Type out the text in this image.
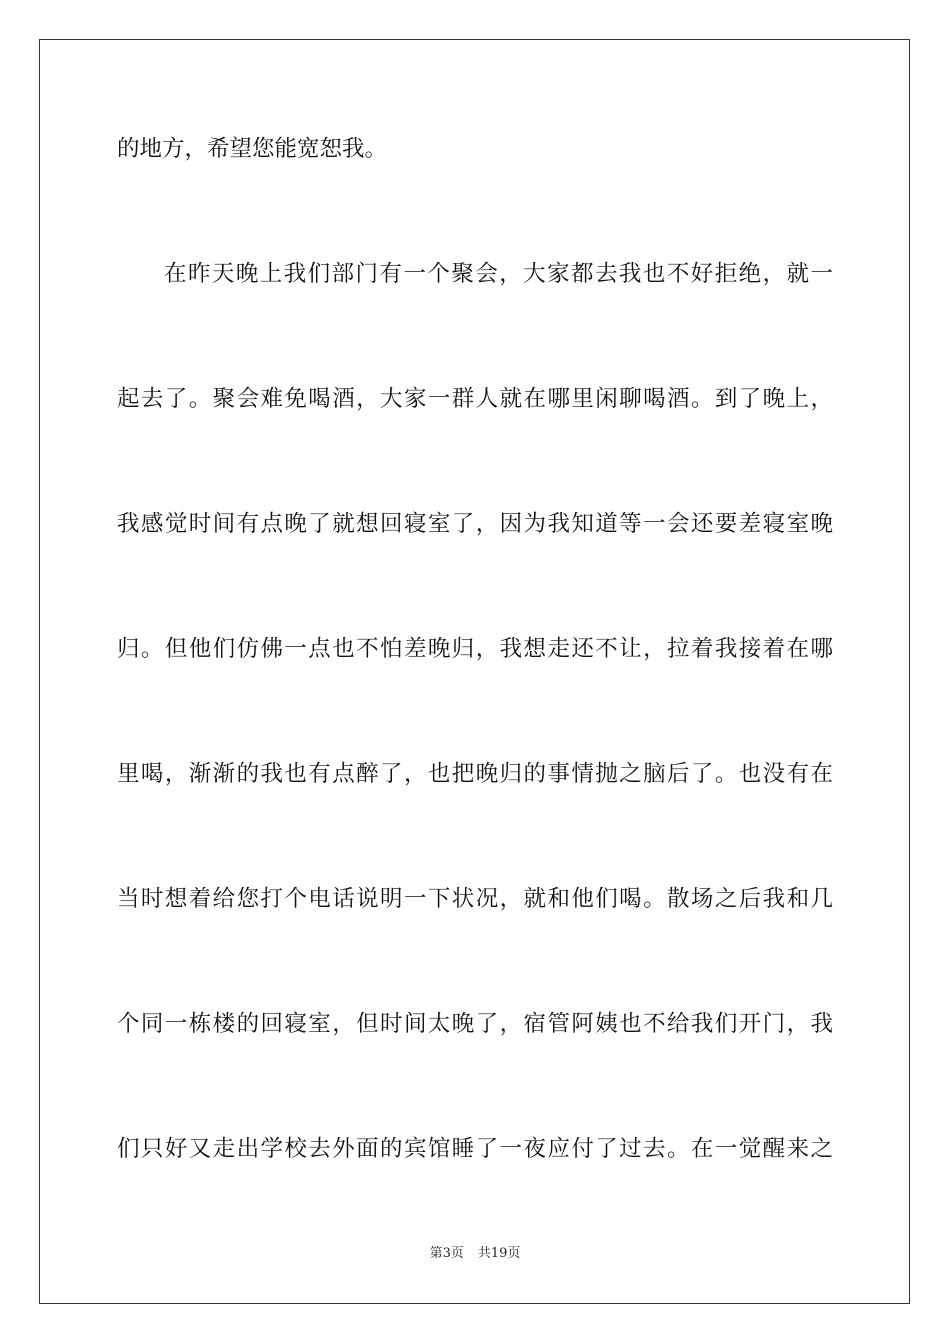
的地方，希望您能宽恕我。
在昨天晚上我们部门有一个聚会，大家都去我也不好拒绝，就一
起去了。聚会难免喝酒，大家一群人就在哪里闲聊喝酒。到了晚上，
我感觉时间有点晚了就想回寝室了，因为我知道等一会还要差寝室晚
归。但他们仿佛一点也不怕差晚归，我想走还不让，拉着我接着在哪
里喝，渐渐的我也有点醉了，也把晚归的事情抛之脑后了。也没有在
当时想着给您打个电话说明一下状况，就和他们喝。散场之后我和几
个同一栋楼的回寝室，但时间太晚了，宿管阿姨也不给我们开门，我
们只好又走出学校去外面的宾馆睡了一夜应付了过去。在一觉醒来之
第3页 共19页
